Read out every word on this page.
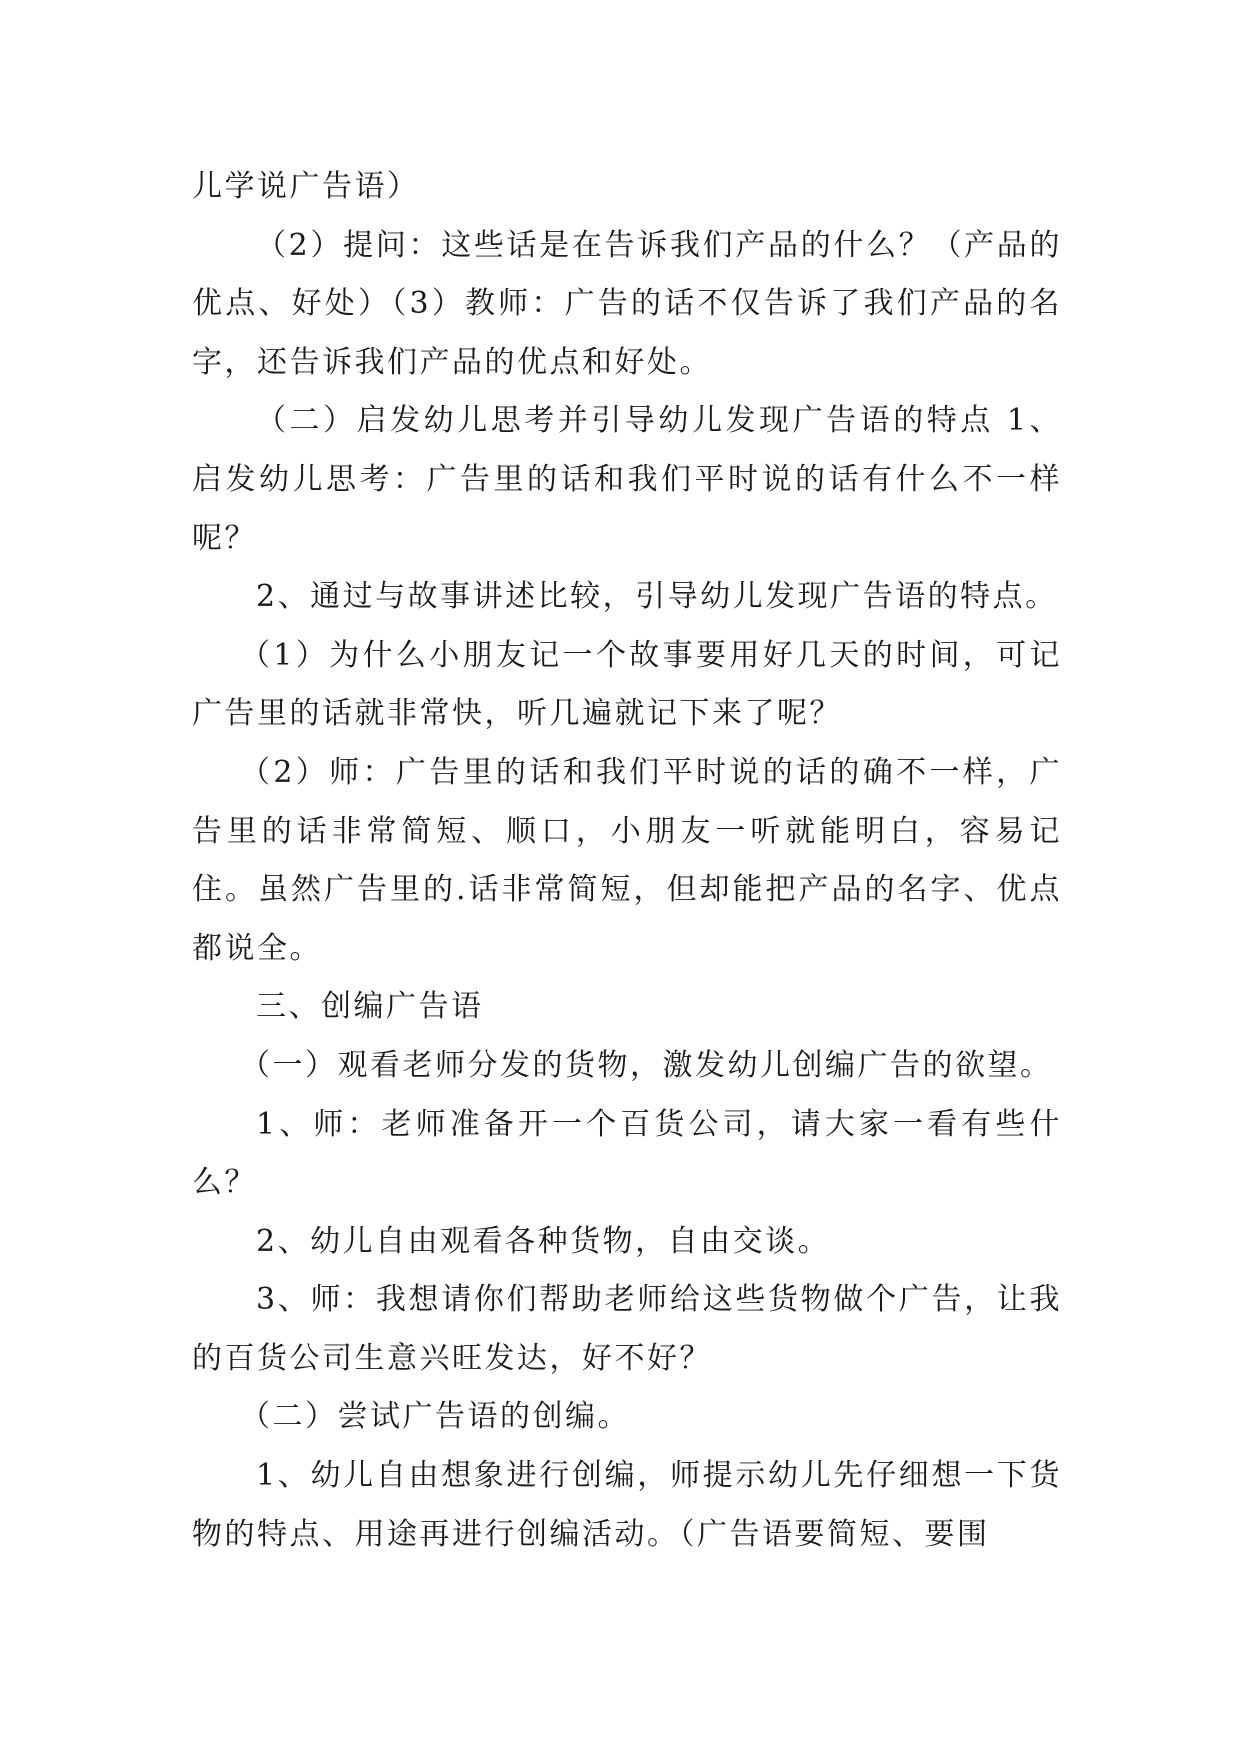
儿学说广告语）

（2）提问：这些话是在告诉我们产品的什么？（产品的优点、好处）（3）教师：广告的话不仅告诉了我们产品的名字，还告诉我们产品的优点和好处。

（二）启发幼儿思考并引导幼儿发现广告语的特点 1、启发幼儿思考：广告里的话和我们平时说的话有什么不一样呢？

2、通过与故事讲述比较，引导幼儿发现广告语的特点。

（1）为什么小朋友记一个故事要用好几天的时间，可记广告里的话就非常快，听几遍就记下来了呢？

（2）师：广告里的话和我们平时说的话的确不一样，广告里的话非常简短、顺口，小朋友一听就能明白，容易记住。虽然广告里的.话非常简短，但却能把产品的名字、优点都说全。

三、创编广告语

（一）观看老师分发的货物，激发幼儿创编广告的欲望。

1、师：老师准备开一个百货公司，请大家一看有些什么？

2、幼儿自由观看各种货物，自由交谈。

3、师：我想请你们帮助老师给这些货物做个广告，让我的百货公司生意兴旺发达，好不好？

（二）尝试广告语的创编。

1、幼儿自由想象进行创编，师提示幼儿先仔细想一下货物的特点、用途再进行创编活动。（广告语要简短、要围
